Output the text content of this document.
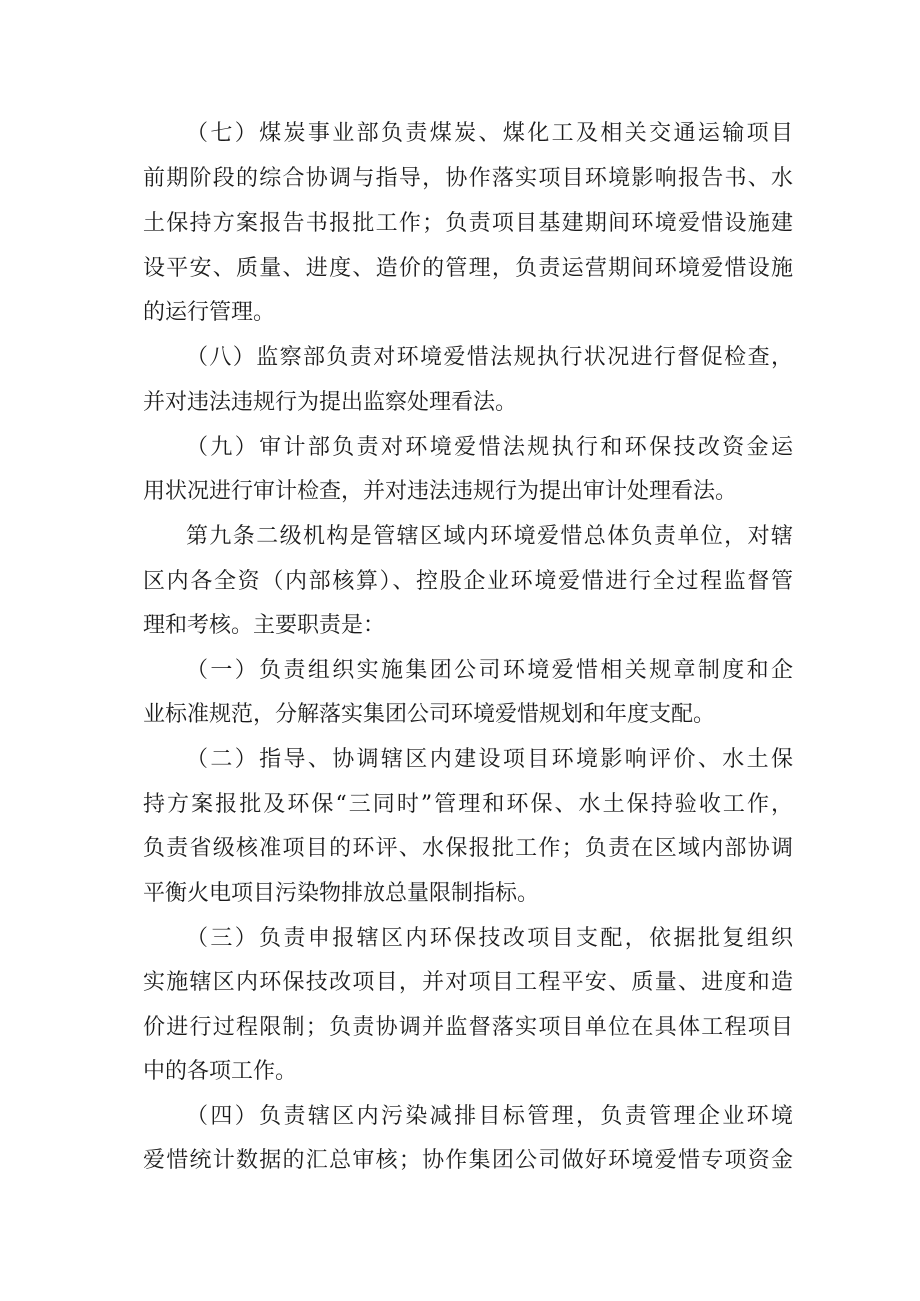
（七）煤炭事业部负责煤炭、煤化工及相关交通运输项目
前期阶段的综合协调与指导，协作落实项目环境影响报告书、水
土保持方案报告书报批工作；负责项目基建期间环境爱惜设施建
设平安、质量、进度、造价的管理，负责运营期间环境爱惜设施
的运行管理。
（八）监察部负责对环境爱惜法规执行状况进行督促检查，
并对违法违规行为提出监察处理看法。
（九）审计部负责对环境爱惜法规执行和环保技改资金运
用状况进行审计检查，并对违法违规行为提出审计处理看法。
第九条二级机构是管辖区域内环境爱惜总体负责单位，对辖
区内各全资（内部核算）、控股企业环境爱惜进行全过程监督管
理和考核。主要职责是：
（一）负责组织实施集团公司环境爱惜相关规章制度和企
业标准规范，分解落实集团公司环境爱惜规划和年度支配。
（二）指导、协调辖区内建设项目环境影响评价、水土保
持方案报批及环保“三同时”管理和环保、水土保持验收工作，
负责省级核准项目的环评、水保报批工作；负责在区域内部协调
平衡火电项目污染物排放总量限制指标。
（三）负责申报辖区内环保技改项目支配，依据批复组织
实施辖区内环保技改项目，并对项目工程平安、质量、进度和造
价进行过程限制；负责协调并监督落实项目单位在具体工程项目
中的各项工作。
（四）负责辖区内污染减排目标管理，负责管理企业环境
爱惜统计数据的汇总审核；协作集团公司做好环境爱惜专项资金
